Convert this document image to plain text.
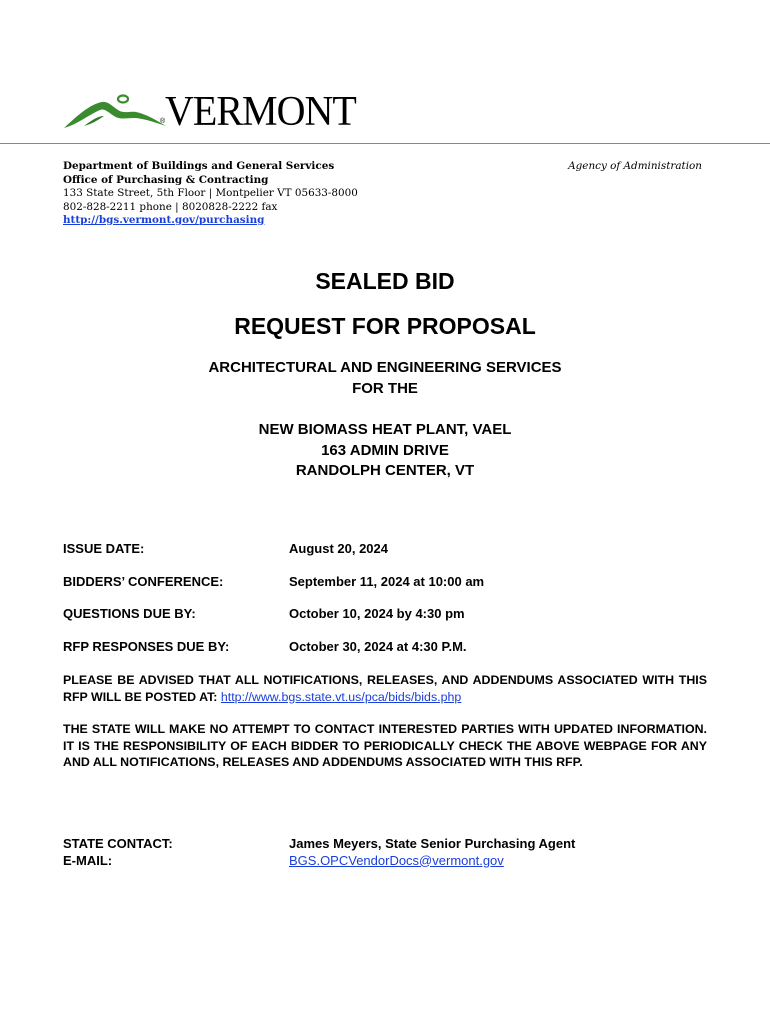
VERMONT
®
Department of Buildings and General Services
Office of Purchasing & Contracting
133 State Street, 5th Floor | Montpelier VT 05633-8000
802-828-2211 phone | 8020828-2222 fax
http://bgs.vermont.gov/purchasing
Agency of Administration
SEALED BID
REQUEST FOR PROPOSAL
ARCHITECTURAL AND ENGINEERING SERVICES
FOR THE
NEW BIOMASS HEAT PLANT, VAEL
163 ADMIN DRIVE
RANDOLPH CENTER, VT
ISSUE DATE:	August 20, 2024
BIDDERS’ CONFERENCE:	September 11, 2024 at 10:00 am
QUESTIONS DUE BY:	October 10, 2024 by 4:30 pm
RFP RESPONSES DUE BY:	October 30, 2024 at 4:30 P.M.
PLEASE BE ADVISED THAT ALL NOTIFICATIONS, RELEASES, AND ADDENDUMS ASSOCIATED WITH THIS RFP WILL BE POSTED AT: http://www.bgs.state.vt.us/pca/bids/bids.php
THE STATE WILL MAKE NO ATTEMPT TO CONTACT INTERESTED PARTIES WITH UPDATED INFORMATION. IT IS THE RESPONSIBILITY OF EACH BIDDER TO PERIODICALLY CHECK THE ABOVE WEBPAGE FOR ANY AND ALL NOTIFICATIONS, RELEASES AND ADDENDUMS ASSOCIATED WITH THIS RFP.
STATE CONTACT:	James Meyers, State Senior Purchasing Agent
E-MAIL:	BGS.OPCVendorDocs@vermont.gov
